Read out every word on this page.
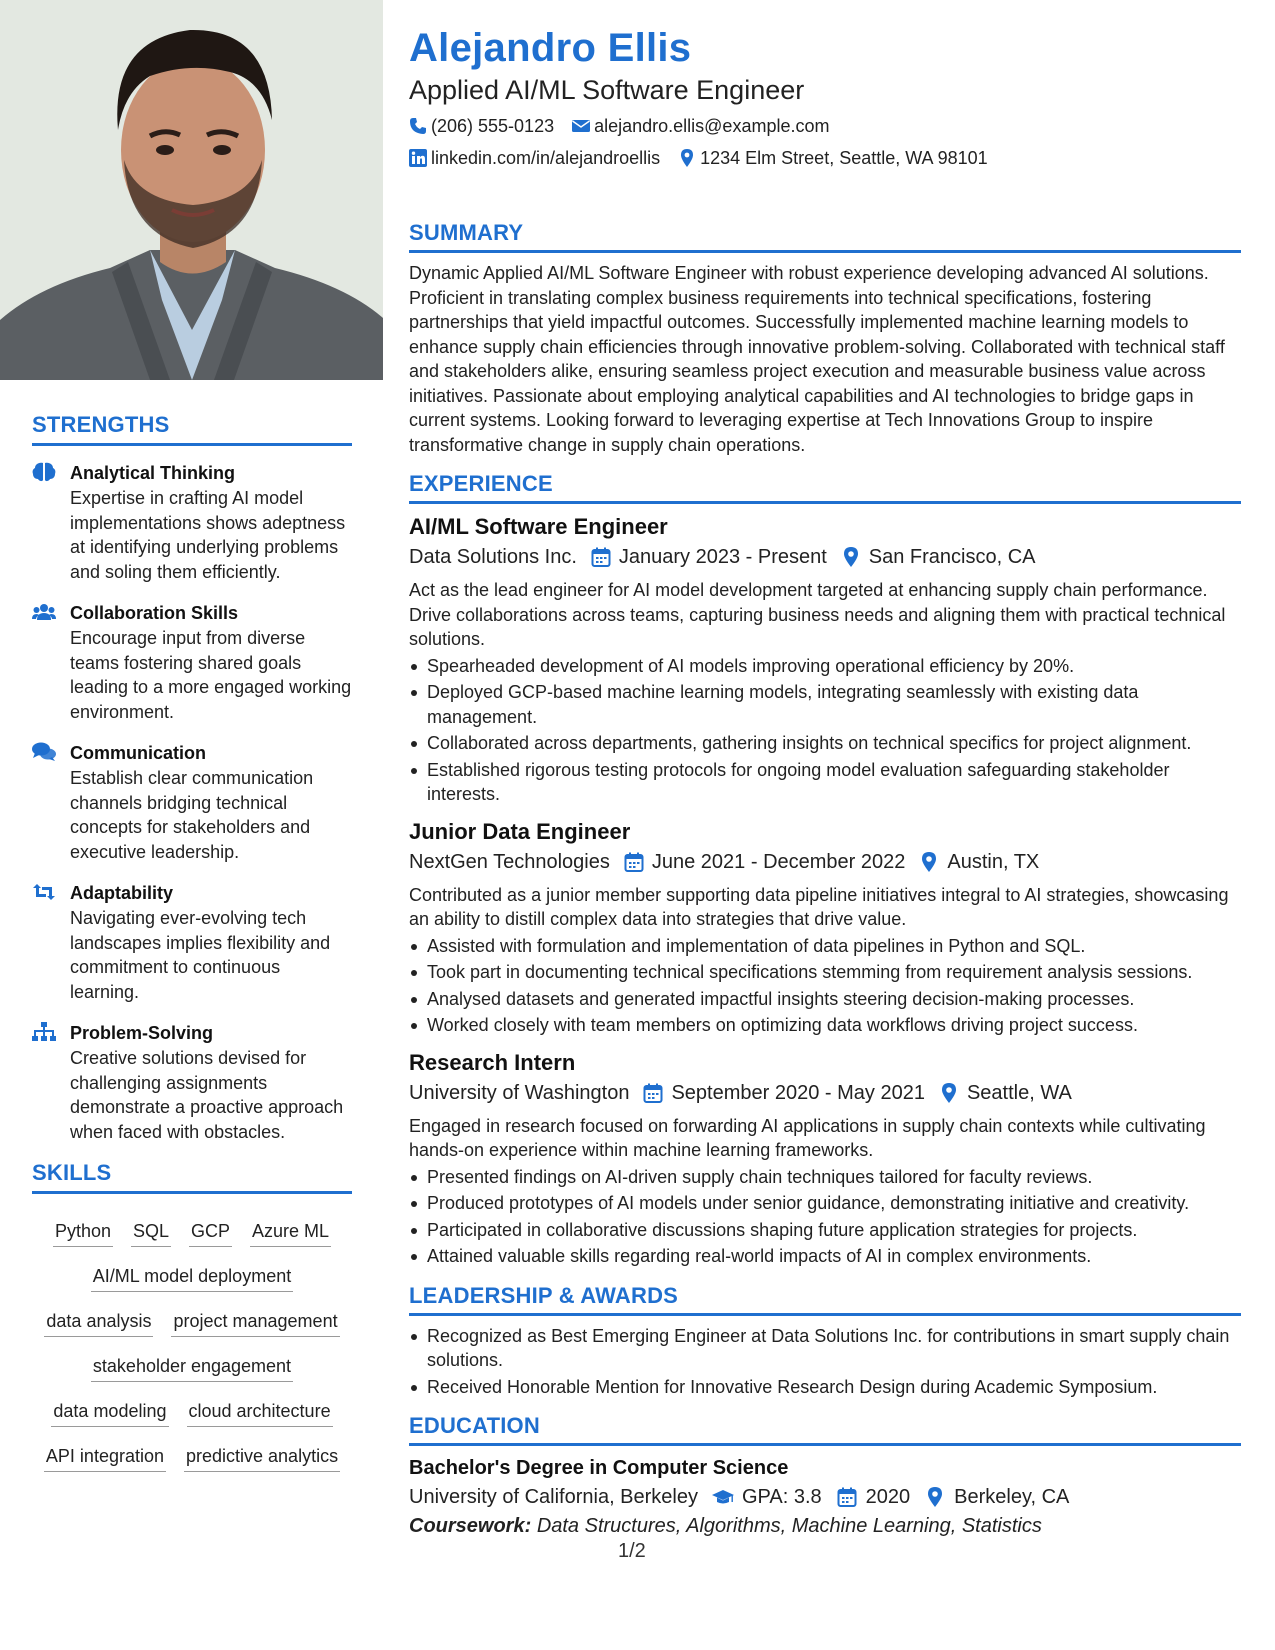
STRENGTHS
Analytical Thinking
Expertise in crafting AI model implementations shows adeptness at identifying underlying problems and soling them efficiently.
Collaboration Skills
Encourage input from diverse teams fostering shared goals leading to a more engaged working environment.
Communication
Establish clear communication channels bridging technical concepts for stakeholders and executive leadership.
Adaptability
Navigating ever-evolving tech landscapes implies flexibility and commitment to continuous learning.
Problem-Solving
Creative solutions devised for challenging assignments demonstrate a proactive approach when faced with obstacles.
SKILLS
Python SQL GCP Azure ML
AI/ML model deployment
data analysis project management
stakeholder engagement
data modeling cloud architecture
API integration predictive analytics
Alejandro Ellis
Applied AI/ML Software Engineer
(206) 555-0123 alejandro.ellis@example.com
linkedin.com/in/alejandroellis 1234 Elm Street, Seattle, WA 98101
SUMMARY
Dynamic Applied AI/ML Software Engineer with robust experience developing advanced AI solutions. Proficient in translating complex business requirements into technical specifications, fostering partnerships that yield impactful outcomes. Successfully implemented machine learning models to enhance supply chain efficiencies through innovative problem-solving. Collaborated with technical staff and stakeholders alike, ensuring seamless project execution and measurable business value across initiatives. Passionate about employing analytical capabilities and AI technologies to bridge gaps in current systems. Looking forward to leveraging expertise at Tech Innovations Group to inspire transformative change in supply chain operations.
EXPERIENCE
AI/ML Software Engineer
Data Solutions Inc. January 2023 - Present San Francisco, CA
Act as the lead engineer for AI model development targeted at enhancing supply chain performance. Drive collaborations across teams, capturing business needs and aligning them with practical technical solutions.
Spearheaded development of AI models improving operational efficiency by 20%.
Deployed GCP-based machine learning models, integrating seamlessly with existing data management.
Collaborated across departments, gathering insights on technical specifics for project alignment.
Established rigorous testing protocols for ongoing model evaluation safeguarding stakeholder interests.
Junior Data Engineer
NextGen Technologies June 2021 - December 2022 Austin, TX
Contributed as a junior member supporting data pipeline initiatives integral to AI strategies, showcasing an ability to distill complex data into strategies that drive value.
Assisted with formulation and implementation of data pipelines in Python and SQL.
Took part in documenting technical specifications stemming from requirement analysis sessions.
Analysed datasets and generated impactful insights steering decision-making processes.
Worked closely with team members on optimizing data workflows driving project success.
Research Intern
University of Washington September 2020 - May 2021 Seattle, WA
Engaged in research focused on forwarding AI applications in supply chain contexts while cultivating hands-on experience within machine learning frameworks.
Presented findings on AI-driven supply chain techniques tailored for faculty reviews.
Produced prototypes of AI models under senior guidance, demonstrating initiative and creativity.
Participated in collaborative discussions shaping future application strategies for projects.
Attained valuable skills regarding real-world impacts of AI in complex environments.
LEADERSHIP & AWARDS
Recognized as Best Emerging Engineer at Data Solutions Inc. for contributions in smart supply chain solutions.
Received Honorable Mention for Innovative Research Design during Academic Symposium.
EDUCATION
Bachelor's Degree in Computer Science
University of California, Berkeley GPA: 3.8 2020 Berkeley, CA
Coursework: Data Structures, Algorithms, Machine Learning, Statistics
1/2
